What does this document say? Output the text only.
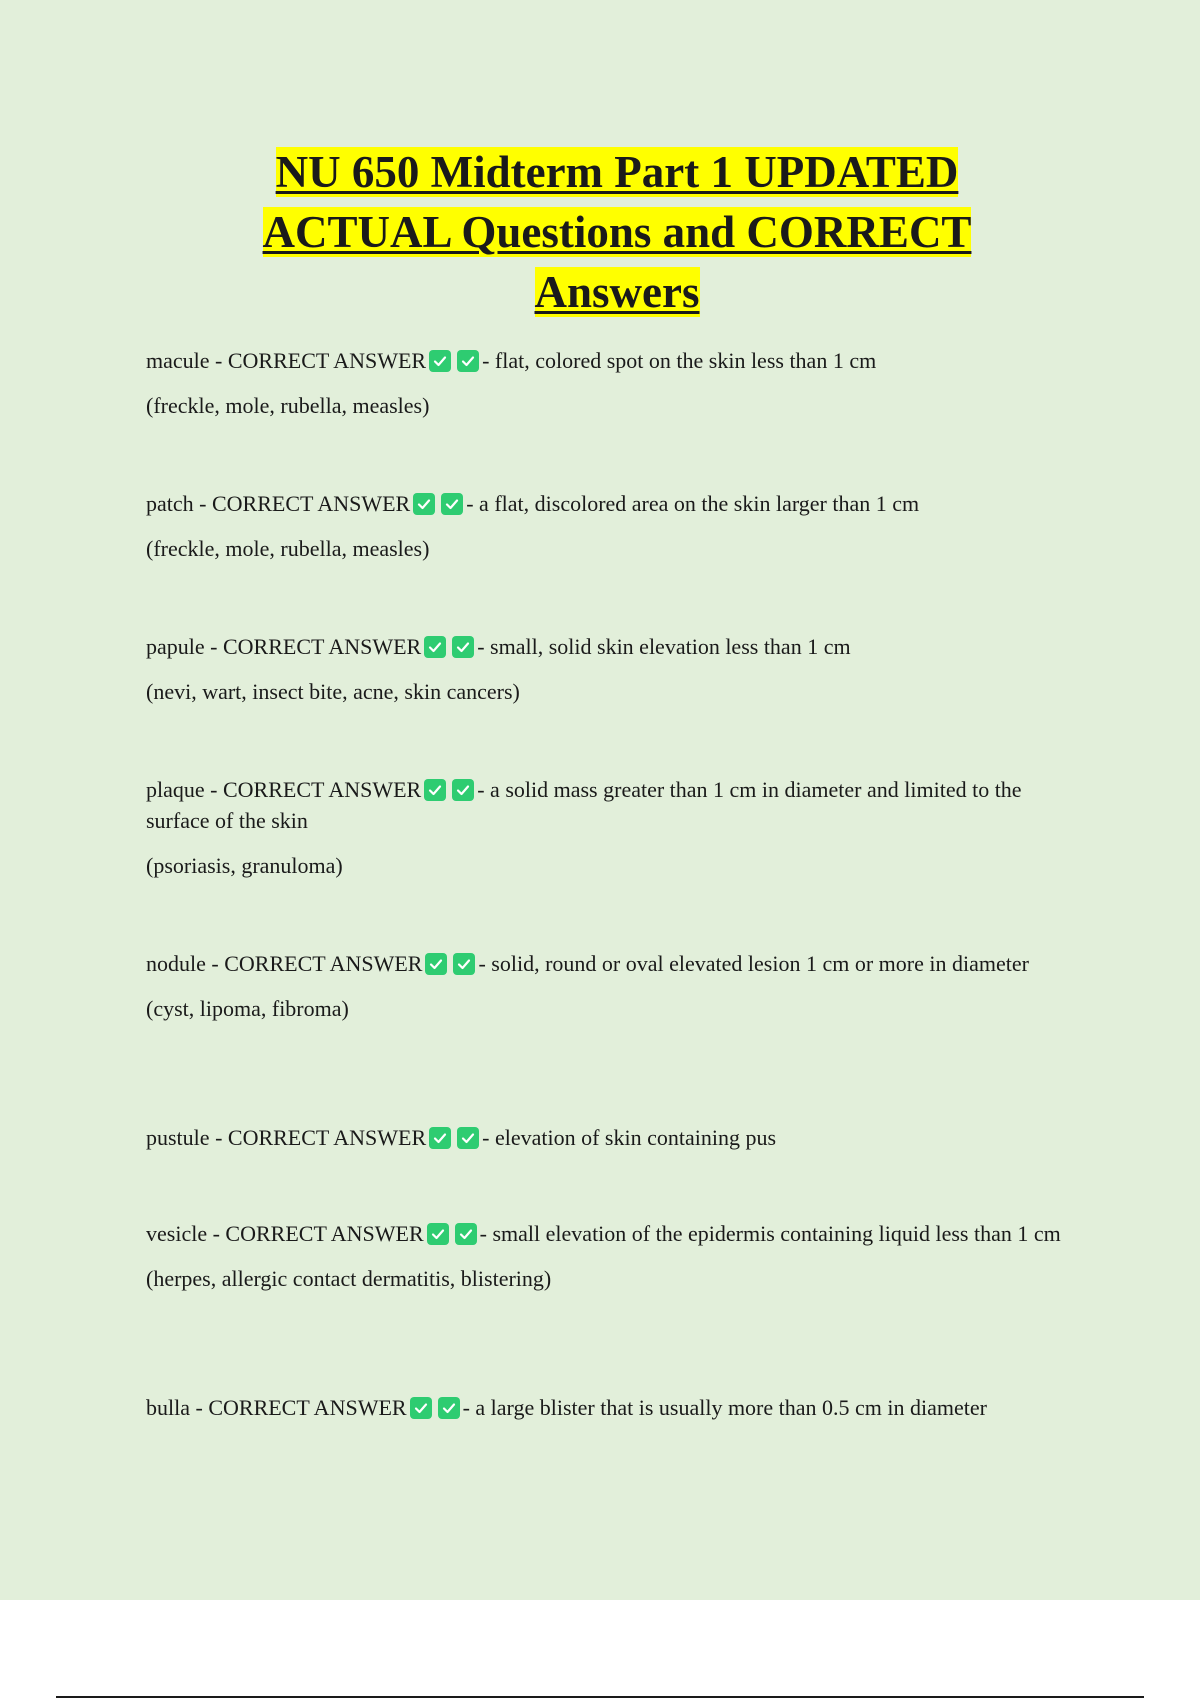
NU 650 Midterm Part 1 UPDATED
ACTUAL Questions and CORRECT
Answers

macule - CORRECT ANSWER	- flat, colored spot on the skin less than 1 cm

(freckle, mole, rubella, measles)

patch - CORRECT ANSWER	- a flat, discolored area on the skin larger than 1 cm

(freckle, mole, rubella, measles)

papule - CORRECT ANSWER	- small, solid skin elevation less than 1 cm

(nevi, wart, insect bite, acne, skin cancers)

plaque - CORRECT ANSWER	- a solid mass greater than 1 cm in diameter and limited to the surface of the skin

(psoriasis, granuloma)

nodule - CORRECT ANSWER	- solid, round or oval elevated lesion 1 cm or more in diameter

(cyst, lipoma, fibroma)

pustule - CORRECT ANSWER	- elevation of skin containing pus

vesicle - CORRECT ANSWER	- small elevation of the epidermis containing liquid less than 1 cm

(herpes, allergic contact dermatitis, blistering)

bulla - CORRECT ANSWER	- a large blister that is usually more than 0.5 cm in diameter
